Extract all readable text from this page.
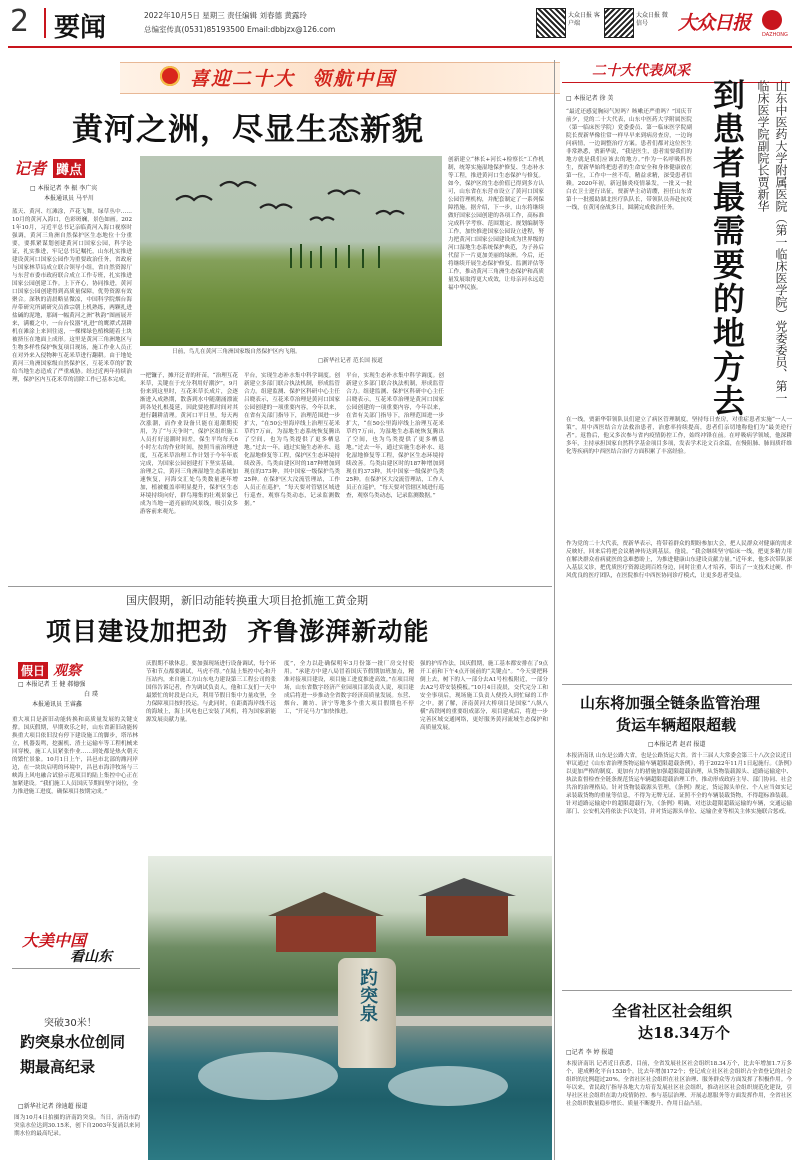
2 要闻	2022年10月5日 星期三 责任编辑 刘春德 黄露玲
总编室传真(0531)85193500 Email:dbbjzx@126.com
大众日报 客户端
大众日报 微信号	大众日报
DAZHONG
喜迎二十大  领航中国
黄河之洲，尽显生态新貌
记者 蹲点
□ 本报记者 李 振 李广宾
本报通讯员 马平川
蓝天、黄河、红滩涂，芦花飞舞，绿草丛中……10月的黄河入海口，色彩斑斓，景色如画。2021年10月，习近平总书记亲临黄河入海口视察时强调，黄河三角洲自然保护区生态地位十分重要，要抓紧谋划创建黄河口国家公园，科学论证，扎实推进，牢记总书记嘱托，山东扎实推进建设黄河口国家公园作为重要政治任务，省政府与国家林草局成立联合领导小组，省自然资源厅与东营市委市政府联合成立工作专班，扎实推进国家公园创建工作。上下齐心，协同推进，黄河口国家公园创建得到高质量保障，优势资源有效聚合。深秋的清晨略显微凉，中国科学院烟台海岸带研究所副研究员淮宗朝上机熟练，两颗扎进盐碱的泥地，那阔一幅黄河之洲“秋韵”图画展开来，满覆之中，一台台仪器“扎进”的鹰潭式刮耕机在滩涂上来回往返，一棵棵绿色植株随着土块被挤压在地面上成形。这里是黄河三角洲地区与生物多样性保护恢复项目现场，施工作业人员正在对外来入侵物种互花米草进行翻耕。由于地处黄河三角洲国家级自然保护区，互花米草的扩散给当地生态造成了严重威胁。经过近两年持续治理，保护区内互花米草的清除工作已基本完成。
日前，鸟儿在黄河三角洲国家级自然保护区内飞翔。
□新华社记者 范长国 报道
一把镰子，摊开泛青的秆苗，“治理互花米草，关键在于充分利用好潮汐”，9月份来到这里时，互花米草长成片，会逐渐进入成熟期，散落到水中随潮涌漂流到各处扎根蔓延，因此要抢抓时间对其进行翻耕清理。黄河口平日里，每天两次涨潮，而作业设备只能在退潮期使用，为了“与天争时”，保护区组织施工人员打好退潮时间差，保生平均每天6小时左右的作业时间，按照当前治理进度，互花米草治理工作计划于今年年底完成，为国家公园创建打下坚实基础。治理之后，黄河三角洲湿地生态系统加速恢复，河海交汇处鸟类数量逐年增加，植被覆盖率明显提升，保护区生态环境持续向好，群鸟翔集的壮观景象已成为当地一道亮丽的风景线，吸引众多游客前来观光。
平台，实现生态补水集中科学调度。创新建立多部门联合执法机制，形成监管合力。组建监测、保护区科研中心主任吕晓表示，互花米草治理是黄河口国家公园创建的一项重要内容，今年以来，在省有关部门指导下，治理范围进一步扩大，“在50公里海岸线上治理互花米草约7万亩，为湿地生态系统恢复腾出了空间，也为鸟类提供了更多栖息地。”过去一年，通过实施生态补水、退化湿地修复等工程，保护区生态环境持续改善。鸟类由建区时的187种增加到现在的373种，其中国家一级保护鸟类25种。在保护区大汶流管理站，工作人员正在巡护，“每天要对管辖区域进行巡查，观察鸟类动态，记录监测数据。”
创新建立“林长+河长+检察长”工作机制，统筹实施湿地保护修复、生态补水等工程，推进黄河口生态保护与修复。如今，保护区的生态价值已得到多方认可，山东省在东营市设立了黄河口国家公园管理机构，并配套制定了一系列保障措施。据介绍，下一步，山东将继续做好国家公园创建的各项工作，高标准完成科学考察、范围划定、规划编制等工作，加快推进国家公园设立进程，努力把黄河口国家公园建设成为世界级的河口湿地生态系统保护典范，为子孙后代留下一片更加美丽的绿洲。今后，还将继续开展生态保护修复、监测评估等工作，推动黄河三角洲生态保护和高质量发展取得更大成效，让母亲河永远造福中华民族。
平台，实现生态补水集中科学调度。创新建立多部门联合执法机制，形成监管合力。组建监测、保护区科研中心主任吕晓表示，互花米草治理是黄河口国家公园创建的一项重要内容，今年以来，在省有关部门指导下，治理范围进一步扩大，“在50公里海岸线上治理互花米草约7万亩，为湿地生态系统恢复腾出了空间，也为鸟类提供了更多栖息地。”过去一年，通过实施生态补水、退化湿地修复等工程，保护区生态环境持续改善。鸟类由建区时的187种增加到现在的373种，其中国家一级保护鸟类25种。在保护区大汶流管理站，工作人员正在巡护，“每天要对管辖区域进行巡查，观察鸟类动态，记录监测数据。”
二十大代表风采
□ 本报记者 徐 美	到患者最需要的地方去	山东中医药大学附属医院（第一临床医学院）党委委员、第一临床医学院副院长贾新华
“最近还感觉胸闷气短吗？咳嗽还严重吗？”国庆节前夕，党的二十大代表，山东中医药大学附属医院（第一临床医学院）党委委员、第一临床医学院副院长贾新华像往常一样早早来到病房查房，一边询问病情，一边调整治疗方案。患者们都对这位医生非常熟悉，贾新华说，“我是医生，患者需要我们的地方就是我们应该去的地方。”作为一名呼吸科医生，贾新华始终把患者的生命安全和身体健康放在第一位，工作中一丝不苟，精益求精，深受患者信赖。2020年初，新冠肺炎疫情暴发，一批又一批白衣卫士逆行出征，贾新华主动请缨，担任山东省第十一批援助湖北医疗队队长，带领队员奔赴抗疫一线，在黄冈奋战多日，圆满完成救治任务。
在一线，贾新华带领队员们建立了病区管理制度，坚持每日查房，对重症患者实施“一人一策”，用中西医结合方法救治患者，治愈率持续提高，患者们亲切地称他们为“最美逆行者”。返鲁后，他又多次参与省内疫情防控工作，始终冲锋在前。在呼吸病学领域，他深耕多年，主持承担国家自然科学基金项目多项，发表学术论文百余篇，在慢阻肺、肺间质纤维化等疾病的中西医结合治疗方面积累了丰富经验。
作为党的二十大代表，贾新华表示，将带着群众的期盼参加大会，把人民群众对健康的需求反映好，回来后将把会议精神传达到基层。他说，“我会继续坚守临床一线，把更多精力用在解决群众看病就医的急难愁盼上，为推进健康山东建设贡献力量。”近年来，他多次带队深入基层义诊，把优质医疗资源送到百姓身边，同时注重人才培养，带出了一支技术过硬、作风优良的医疗团队，在医院推行中西医协同诊疗模式，让更多患者受益。
国庆假期，新旧动能转换重大项目抢抓施工黄金期
项目建设加把劲  齐鲁澎湃新动能
假日 观察
□ 本报记者 王 健 郝德强
白 璞
本报通讯员 王睿鑫
重大项目是新旧动能转换和高质量发展的关键支撑。国庆假期，早期欢乐之时，山东省新旧动能转换重大项目依旧没有停下建设施工的脚步，塔吊林立，机器轰鸣，挖掘机、渣土运输车等工程机械来回穿梭，施工人员紧张作业……到处都是热火朝天的繁忙景象。10月1日上午，昌邑市北部的潍河岸边，在一块块启明的环境中，昌邑市海洋牧场与三峡海上风电融合试验示范项目的陆上集控中心正在加紧建设。“我们施工人员国庆节期间坚守岗位，全力推进施工进度，确保项目按期完成。”
庆假期不歇休息。要加强现场进行设备调试，每个环节和节点都要调试，马虎不得。”在陆上集控中心和升压站内，来自施工方山东电力建设第三工程公司的张国伟告诉记者，作为调试负责人，他和工友们一天中最繁忙的时段是白天，利用节假日集中力量攻坚，全力保障项目按时投运。与此同时，在距离海岸线不远的海域上，海上风电也已安装了风机，将为国家新能源发展贡献力量。
度”，全力以赴确保明年3月份第一批厂房交付使用。“承建方中建八局冒着国庆节假期加班加点，精准对接项目建设，项目施工进度推进高效。”在项目现场，山东省数字经济产业园项目部负责人说，项目建成后将进一步推动全省数字经济高质量发展。东营、烟台、潍坊、济宁等地多个重大项目假期也不停工，“开足马力”加快推进。
强的护库作法，国庆假期，施工基本都安排在了9点开工前和下午4点开展前的“关键点”。“今天要把料倒上去，树下的人一部分去A1号柱板附近，一部分去A2号塔安装模板。”10月4日凌晨，交代完分工和安全事项后，现场施工负责人便投入到忙碌的工作之中。据了解，济南黄河大桥项目是国家“八纵八横”高铁网的重要组成部分，项目建成后，将进一步完善区域交通网络，更好服务黄河流域生态保护和高质量发展。
山东将加强全链条监管治理
货运车辆超限超载
□本报记者 赵君 报道
本报济南讯 山东是公路大省，也是公路货运大省。省十三届人大常委会第三十八次会议近日审议通过《山东省治理货物运输车辆超限超载条例》，将于2022年11月1日起施行。《条例》以更加严格的制度、更加有力的措施加强超限超载治理，从货物装载源头、道路运输途中、执法监督检查全链条规范货运车辆超限超载治理工作，推动形成政府主导、部门协同、社会共治的治理格局。针对货物装载源头管理，《条例》规定，货运源头单位、个人应当如实记录装载货物的重量等信息，不得为无牌无证、证照不全的车辆装载货物，不得超标准装载。针对道路运输途中的超限超载行为，《条例》明确，对违法超限超载运输的车辆，交通运输部门、公安机关将依法予以处罚，并对货运源头单位、运输企业等相关主体实施联合惩戒。
全省社区社会组织
达18.34万个
□记者 李 婷 报道
本报济南讯 记者近日获悉，目前，全省发展社区社会组织18.34万个，比去年增加1.7万多个，建成孵化平台1538个，比去年增加172个；登记成立社区社会组织占全省登记的社会组织的比例超过20%。全省社区社会组织在社区治理、服务群众等方面发挥了积极作用。今年以来，省民政厅指导各地大力培育发展社区社会组织，推动社区社会组织规范化建设，引导社区社会组织在助力疫情防控、参与基层治理、开展志愿服务等方面发挥作用，全省社区社会组织数量稳步增长、质量不断提升、作用日益凸显。
趵突泉
大美中国
看山东
突破30米！
趵突泉水位创同期最高纪录
□新华社记者 徐迪超 报道
图为10月4日拍摄的济南趵突泉。当日，济南市趵突泉水位达到30.15米，创下自2003年复涌以来同期水位的最高纪录。
